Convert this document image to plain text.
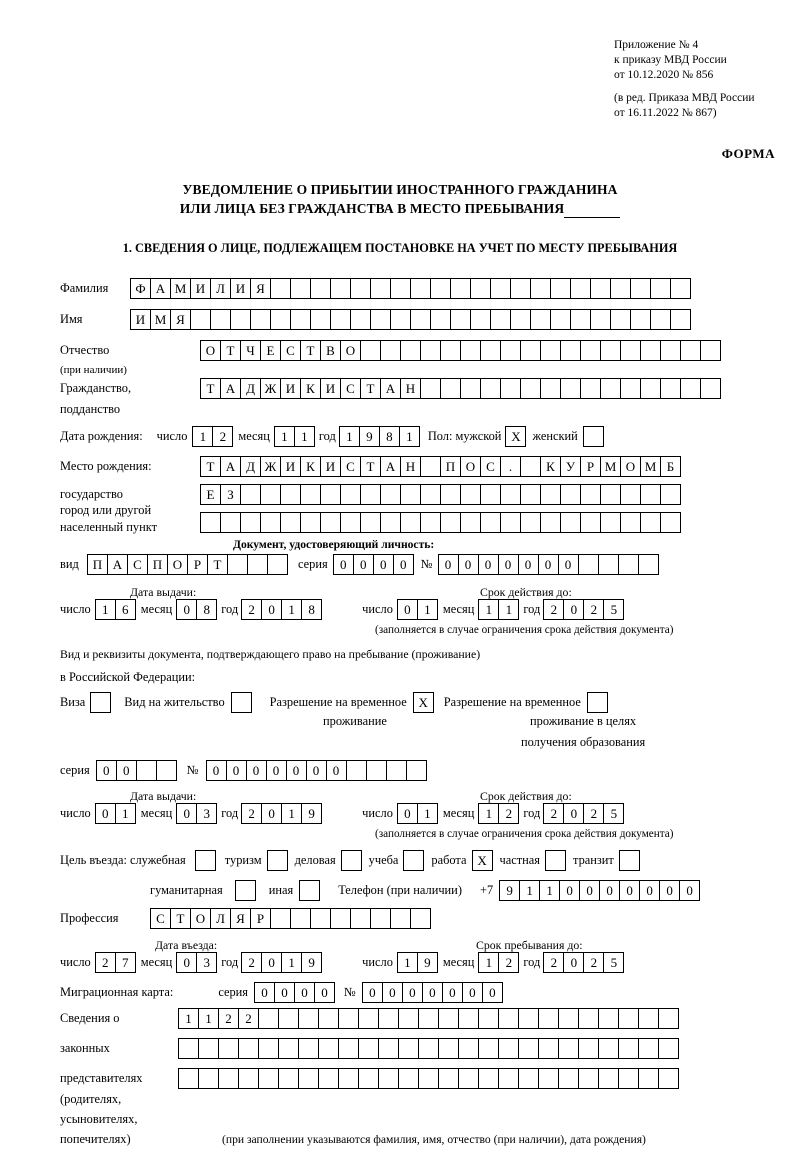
Приложение № 4
к приказу МВД России
от 10.12.2020 № 856
(в ред. Приказа МВД России
от 16.11.2022 № 867)
ФОРМА
УВЕДОМЛЕНИЕ О ПРИБЫТИИ ИНОСТРАННОГО ГРАЖДАНИНА
ИЛИ ЛИЦА БЕЗ ГРАЖДАНСТВА В МЕСТО ПРЕБЫВАНИЯ
1. СВЕДЕНИЯ О ЛИЦЕ, ПОДЛЕЖАЩЕМ ПОСТАНОВКЕ НА УЧЕТ ПО МЕСТУ ПРЕБЫВАНИЯ
Фамилия	Ф А М И Л И Я
Имя	И М Я
Отчество	О Т Ч Е С Т В О
(при наличии)
Гражданство,	Т А Д Ж И К И С Т А Н
подданство
Дата рождения: число 1	2 месяц 1	1 год 1	9	8	1	Пол: мужской Х женский
Место рождения:	Т А Д Ж И К И С Т А Н	П О С	.	К У Р М О М Б
государство	Е З
город или другой

населенный пункт
Документ, удостоверяющий личность:
вид	П А С П О Р Т	серия 0	0	0	0	№ 0	0	0	0	0	0	0
Дата выдачи:	Срок действия до:
число 1	6 месяц 0	8 год 2	0	1	8	число 0	1 месяц 1	1 год 2	0	2	5
(заполняется в случае ограничения срока действия документа)
Вид и реквизиты документа, подтверждающего право на пребывание (проживание)
в Российской Федерации:
Виза	Вид на жительство	Разрешение на временное Х	Разрешение на временное
проживание	проживание в целях
получения образования
серия	0	0	№	0	0	0	0	0	0	0
Дата выдачи:	Срок действия до:
число 0	1 месяц 0	3 год 2	0	1	9	число 0	1 месяц 1	2 год 2	0	2	5
(заполняется в случае ограничения срока действия документа)
Цель въезда: служебная	туризм	деловая	учеба	работа Х	частная	транзит
гуманитарная	иная	Телефон (при наличии) +7	9	1	1	0	0	0	0	0	0	0
Профессия	С Т О Л Я Р
Дата въезда:	Срок пребывания до:
число 2	7 месяц 0	3 год 2	0	1	9	число 1	9 месяц 1	2 год 2	0	2	5
Миграционная карта:	серия	0	0	0	0	№	0	0	0	0	0	0	0
Сведения о	1	1	2	2
законных
представителях
(родителях,
усыновителях,
попечителях)	(при заполнении указываются фамилия, имя, отчество (при наличии), дата рождения)
